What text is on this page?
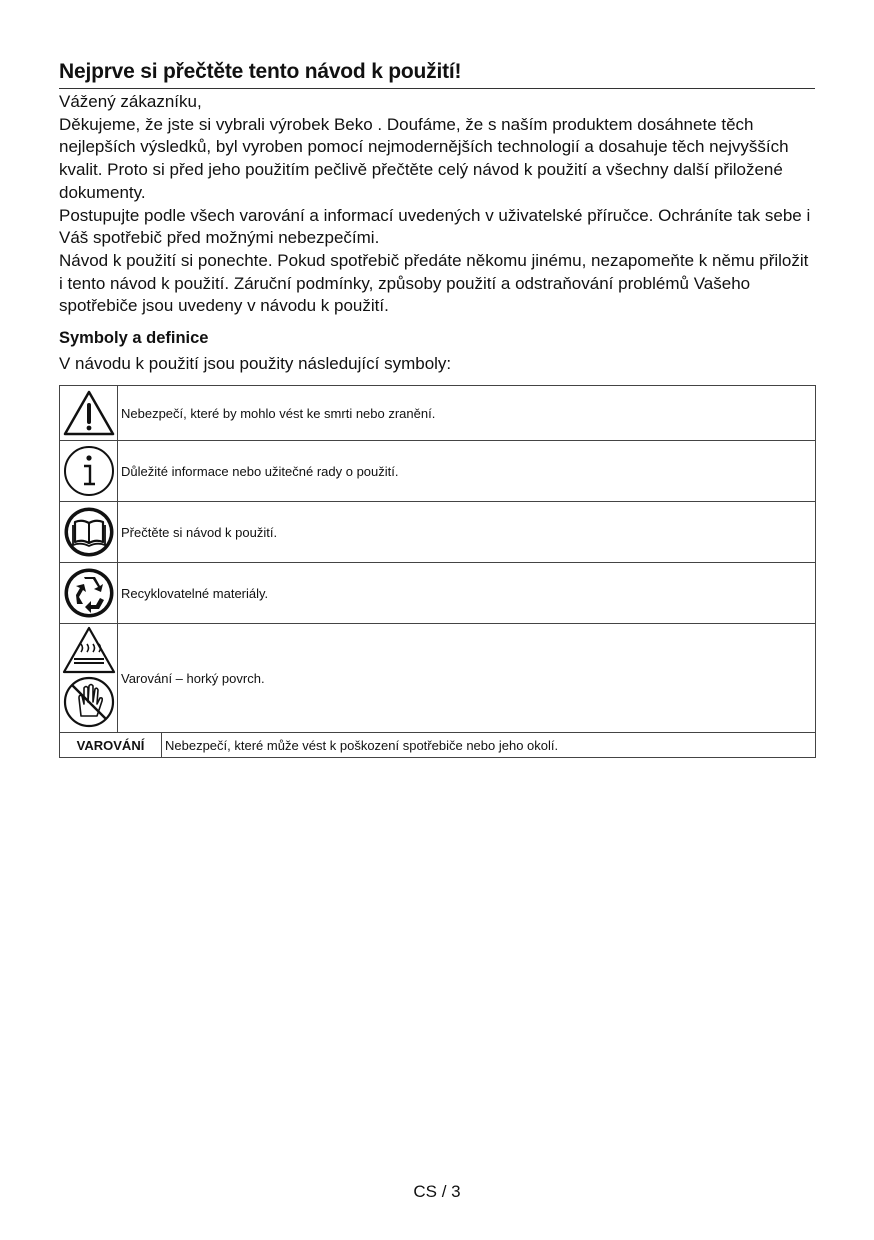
Nejprve si přečtěte tento návod k použití!

Vážený zákazníku,

Děkujeme, že jste si vybrali výrobek Beko . Doufáme, že s naším produktem dosáhnete těch nejlepších výsledků, byl vyroben pomocí nejmodernějších technologií a dosahuje těch nejvyšších kvalit. Proto si před jeho použitím pečlivě přečtěte celý návod k použití a všechny další přiložené dokumenty.

Postupujte podle všech varování a informací uvedených v uživatelské příručce. Ochráníte tak sebe i Váš spotřebič před možnými nebezpečími.

Návod k použití si ponechte. Pokud spotřebič předáte někomu jinému, nezapomeňte k němu přiložit i tento návod k použití. Záruční podmínky, způsoby použití a odstraňování problémů Vašeho spotřebiče jsou uvedeny v návodu k použití.

Symboly a definice

V návodu k použití jsou použity následující symboly:

	Nebezpečí, které by mohlo vést ke smrti nebo zranění.

	Důležité informace nebo užitečné rady o použití.

	Přečtěte si návod k použití.

	Recyklovatelné materiály.

	Varování – horký povrch.
VAROVÁNÍ	Nebezpečí, které může vést k poškození spotřebiče nebo jeho okolí.
CS / 3
